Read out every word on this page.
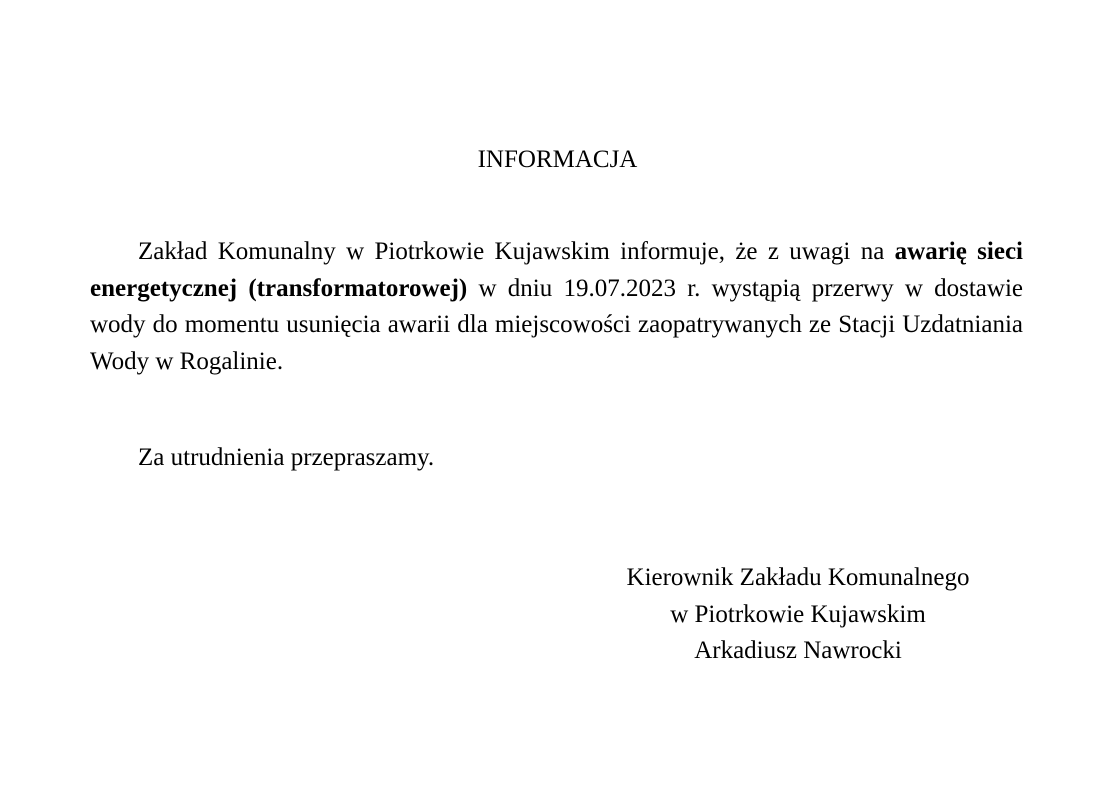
INFORMACJA

Zakład Komunalny w Piotrkowie Kujawskim informuje, że z uwagi na awarię sieci energetycznej (transformatorowej) w dniu 19.07.2023 r. wystąpią przerwy w dostawie wody do momentu usunięcia awarii dla miejscowości zaopatrywanych ze Stacji Uzdatniania Wody w Rogalinie.

Za utrudnienia przepraszamy.

Kierownik Zakładu Komunalnego
w Piotrkowie Kujawskim
Arkadiusz Nawrocki
